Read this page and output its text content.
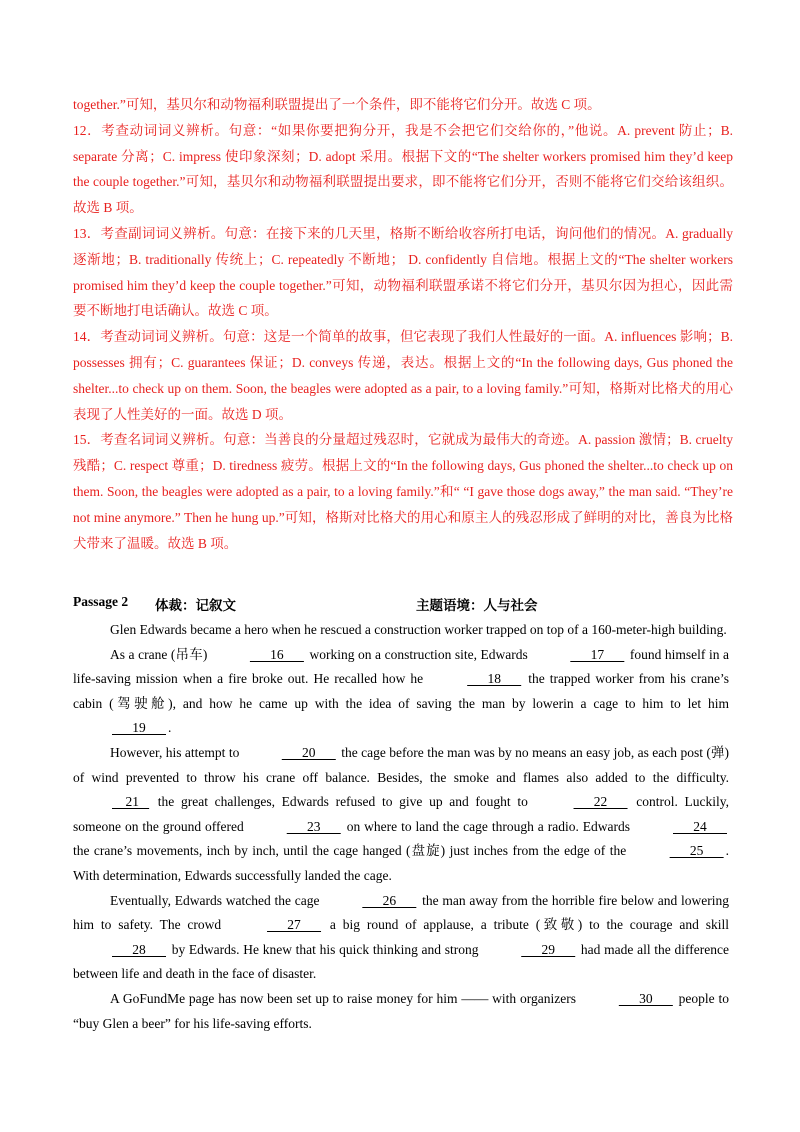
together.”可知，基贝尔和动物福利联盟提出了一个条件，即不能将它们分开。故选 C 项。

12．考查动词词义辨析。句意：“如果你要把狗分开，我是不会把它们交给你的，”他说。A. prevent 防止；B. separate 分离；C. impress 使印象深刻；D. adopt 采用。根据下文的“The shelter workers promised him they’d keep the couple together.”可知，基贝尔和动物福利联盟提出要求，即不能将它们分开，否则不能将它们交给该组织。故选 B 项。

13．考查副词词义辨析。句意：在接下来的几天里，格斯不断给收容所打电话，询问他们的情况。A. gradually 逐渐地；B. traditionally 传统上；C. repeatedly 不断地； D. confidently 自信地。根据上文的“The shelter workers promised him they’d keep the couple together.”可知，动物福利联盟承诺不将它们分开，基贝尔因为担心，因此需要不断地打电话确认。故选 C 项。

14．考查动词词义辨析。句意：这是一个简单的故事，但它表现了我们人性最好的一面。A. influences 影响；B. possesses 拥有；C. guarantees 保证；D. conveys 传递，表达。根据上文的“In the following days, Gus phoned the shelter...to check up on them. Soon, the beagles were adopted as a pair, to a loving family.”可知，格斯对比格犬的用心表现了人性美好的一面。故选 D 项。

15．考查名词词义辨析。句意：当善良的分量超过残忍时，它就成为最伟大的奇迹。A. passion 激情；B. cruelty 残酷；C. respect 尊重；D. tiredness 疲劳。根据上文的“In the following days, Gus phoned the shelter...to check up on them. Soon, the beagles were adopted as a pair, to a loving family.”和“ “I gave those dogs away,” the man said. “They’re not mine anymore.” Then he hung up.”可知，格斯对比格犬的用心和原主人的残忍形成了鲜明的对比，善良为比格犬带来了温暖。故选 B 项。

Passage 2 体裁：记叙文	主题语境：人与社会

Glen Edwards became a hero when he rescued a construction worker trapped on top of a 160-meter-high building.

As a crane (吊车)	16       working on a construction site, Edwards	17       found himself in a life-saving mission when a fire broke out. He recalled how he	18       the trapped worker from his crane’s cabin (驾驶舱), and how he came up with the idea of saving the man by lowerin a cage to him to let him       19      .

However, his attempt to	20       the cage before the man was by no means an easy job, as each post (弹) of wind prevented to throw his crane off balance. Besides, the smoke and flames also added to the difficulty.     21    the great challenges, Edwards refused to give up and fought to	22       control. Luckily, someone on the ground offered	23       on where to land the cage through a radio. Edwards	24       the crane’s movements, inch by inch, until the cage hanged (盘旋) just inches from the edge of the	25      . With determination, Edwards successfully landed the cage.

Eventually, Edwards watched the cage	26       the man away from the horrible fire below and lowering him to safety. The crowd	27       a big round of applause, a tribute (致敬) to the courage and skill       28       by Edwards. He knew that his quick thinking and strong	29       had made all the difference between life and death in the face of disaster.

A GoFundMe page has now been set up to raise money for him —— with organizers	30       people to “buy Glen a beer” for his life-saving efforts.
